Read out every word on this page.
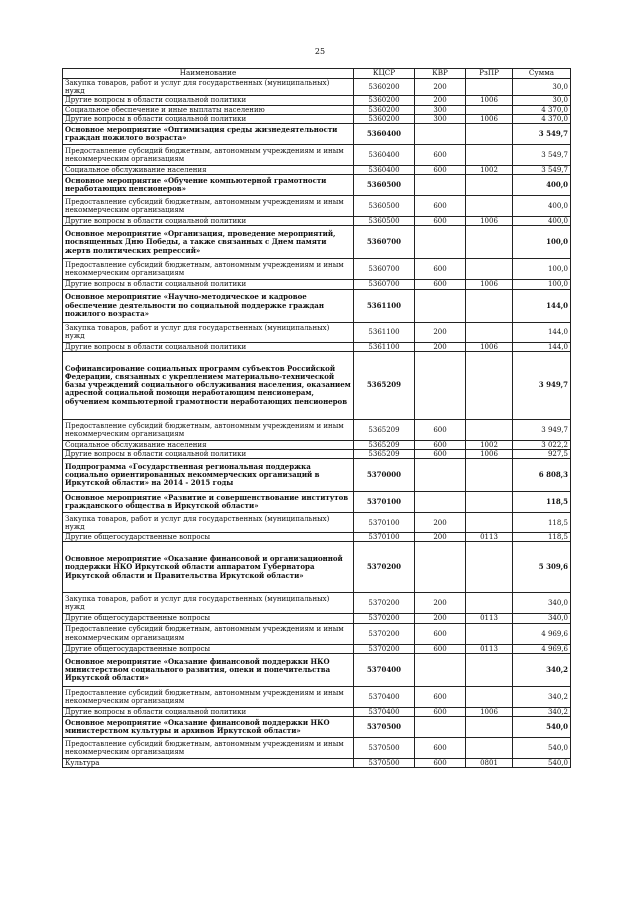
25
Наименование	КЦСР	КВР	РзПР	Сумма
Закупка товаров, работ и услуг для государственных (муниципальных) нужд	5360200	200		30,0
Другие вопросы в области социальной политики	5360200	200	1006	30,0
Социальное обеспечение и иные выплаты населению	5360200	300		4 370,0
Другие вопросы в области социальной политики	5360200	300	1006	4 370,0
Основное мероприятие «Оптимизация среды жизнедеятельности граждан пожилого возраста»	5360400			3 549,7
Предоставление субсидий бюджетным, автономным учреждениям и иным некоммерческим организациям	5360400	600		3 549,7
Социальное обслуживание населения	5360400	600	1002	3 549,7
Основное мероприятие «Обучение компьютерной грамотности неработающих пенсионеров»	5360500			400,0
Предоставление субсидий бюджетным, автономным учреждениям и иным некоммерческим организациям	5360500	600		400,0
Другие вопросы в области социальной политики	5360500	600	1006	400,0
Основное мероприятие «Организация, проведение мероприятий, посвященных Дню Победы, а также связанных с Днем памяти жертв политических репрессий»	5360700			100,0
Предоставление субсидий бюджетным, автономным учреждениям и иным некоммерческим организациям	5360700	600		100,0
Другие вопросы в области социальной политики	5360700	600	1006	100,0
Основное мероприятие «Научно-методическое и кадровое обеспечение деятельности по социальной поддержке граждан пожилого возраста»	5361100			144,0
Закупка товаров, работ и услуг для государственных (муниципальных) нужд	5361100	200		144,0
Другие вопросы в области социальной политики	5361100	200	1006	144,0
Софинансирование социальных программ субъектов Российской Федерации, связанных с укреплением материально-технической базы учреждений социального обслуживания населения, оказанием адресной социальной помощи неработающим пенсионерам, обучением компьютерной грамотности неработающих пенсионеров	5365209			3 949,7
Предоставление субсидий бюджетным, автономным учреждениям и иным некоммерческим организациям	5365209	600		3 949,7
Социальное обслуживание населения	5365209	600	1002	3 022,2
Другие вопросы в области социальной политики	5365209	600	1006	927,5
Подпрограмма «Государственная региональная поддержка социально ориентированных некоммерческих организаций в Иркутской области» на 2014 - 2015 годы	5370000			6 808,3
Основное мероприятие «Развитие и совершенствование институтов гражданского общества в Иркутской области»	5370100			118,5
Закупка товаров, работ и услуг для государственных (муниципальных) нужд	5370100	200		118,5
Другие общегосударственные вопросы	5370100	200	0113	118,5
Основное мероприятие «Оказание финансовой и организационной поддержки НКО Иркутской области аппаратом Губернатора Иркутской области и Правительства Иркутской области»	5370200			5 309,6
Закупка товаров, работ и услуг для государственных (муниципальных) нужд	5370200	200		340,0
Другие общегосударственные вопросы	5370200	200	0113	340,0
Предоставление субсидий бюджетным, автономным учреждениям и иным некоммерческим организациям	5370200	600		4 969,6
Другие общегосударственные вопросы	5370200	600	0113	4 969,6
Основное мероприятие «Оказание финансовой поддержки НКО министерством социального развития, опеки и попечительства Иркутской области»	5370400			340,2
Предоставление субсидий бюджетным, автономным учреждениям и иным некоммерческим организациям	5370400	600		340,2
Другие вопросы в области социальной политики	5370400	600	1006	340,2
Основное мероприятие «Оказание финансовой поддержки НКО министерством культуры и архивов Иркутской области»	5370500			540,0
Предоставление субсидий бюджетным, автономным учреждениям и иным некоммерческим организациям	5370500	600		540,0
Культура	5370500	600	0801	540,0
